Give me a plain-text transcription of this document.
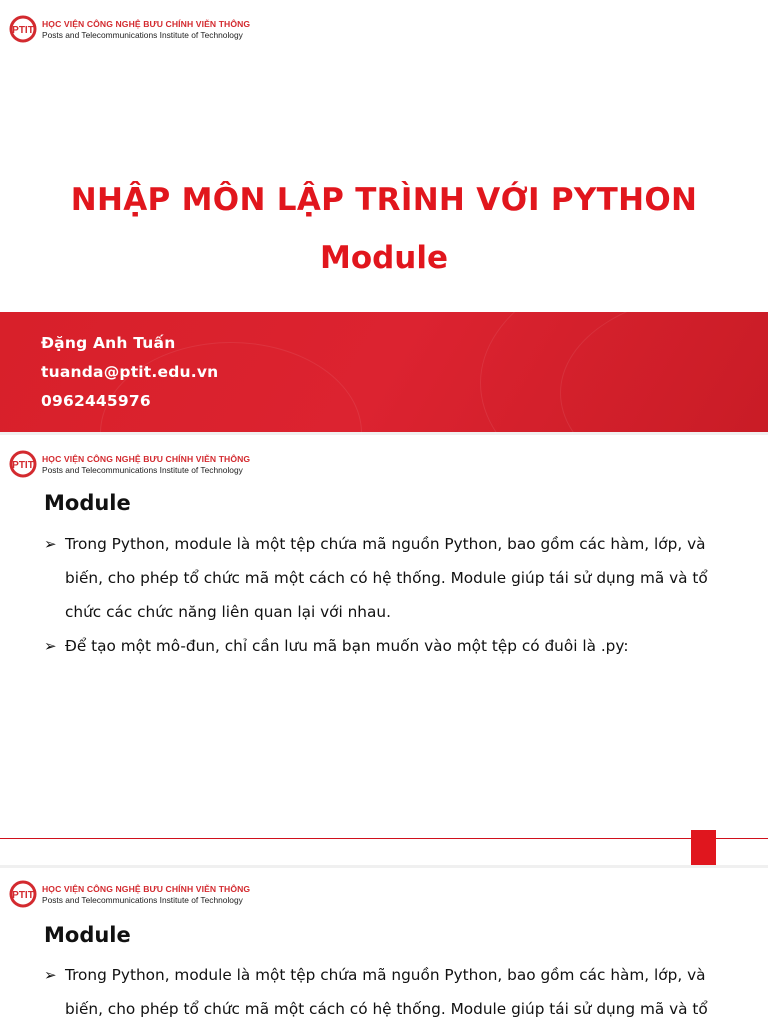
PTIT
HỌC VIỆN CÔNG NGHỆ BƯU CHÍNH VIỄN THÔNG
Posts and Telecommunications Institute of Technology
NHẬP MÔN LẬP TRÌNH VỚI PYTHON
Module
Đặng Anh Tuấn
tuanda@ptit.edu.vn
0962445976
PTIT
HỌC VIỆN CÔNG NGHỆ BƯU CHÍNH VIỄN THÔNG
Posts and Telecommunications Institute of Technology
Module
➢ Trong Python, module là một tệp chứa mã nguồn Python, bao gồm các hàm, lớp, và biến, cho phép tổ chức mã một cách có hệ thống. Module giúp tái sử dụng mã và tổ chức các chức năng liên quan lại với nhau.
➢ Để tạo một mô-đun, chỉ cần lưu mã bạn muốn vào một tệp có đuôi là .py:
PTIT
HỌC VIỆN CÔNG NGHỆ BƯU CHÍNH VIỄN THÔNG
Posts and Telecommunications Institute of Technology
Module
➢ Trong Python, module là một tệp chứa mã nguồn Python, bao gồm các hàm, lớp, và biến, cho phép tổ chức mã một cách có hệ thống. Module giúp tái sử dụng mã và tổ
